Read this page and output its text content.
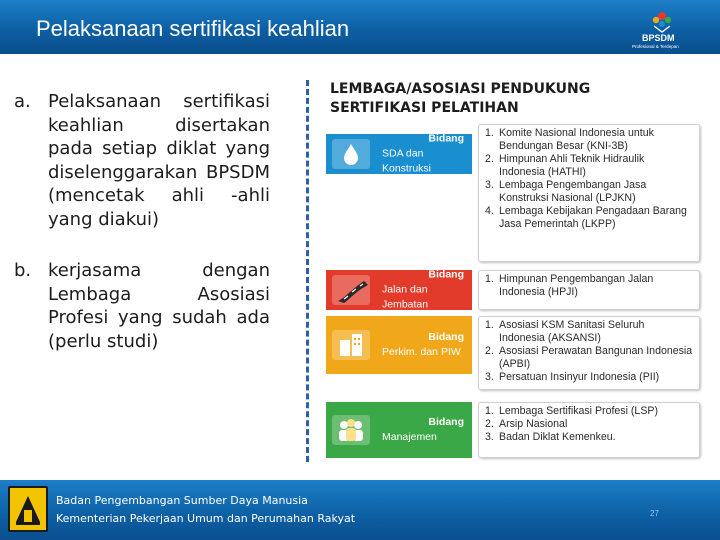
Pelaksanaan sertifikasi keahlian	BPSDM
Profesional & Terdepan
a. Pelaksanaan sertifikasi keahlian disertakan pada setiap diklat yang diselenggarakan BPSDM (mencetak ahli -ahli yang diakui)
b. kerjasama dengan Lembaga Asosiasi Profesi yang sudah ada (perlu studi)
LEMBAGA/ASOSIASI PENDUKUNG SERTIFIKASI PELATIHAN
Bidang
SDA dan Konstruksi
1. Komite Nasional Indonesia untuk Bendungan Besar (KNI-3B)
2. Himpunan Ahli Teknik Hidraulik Indonesia (HATHI)
3. Lembaga Pengembangan Jasa Konstruksi Nasional (LPJKN)
4. Lembaga Kebijakan Pengadaan Barang Jasa Pemerintah (LKPP)
Bidang
Jalan dan Jembatan
1. Himpunan Pengembangan Jalan Indonesia (HPJI)
Bidang
Perkim. dan PIW
1. Asosiasi KSM Sanitasi Seluruh Indonesia (AKSANSI)
2. Asosiasi Perawatan Bangunan Indonesia (APBI)
3. Persatuan Insinyur Indonesia (PII)
Bidang
Manajemen
1. Lembaga Sertifikasi Profesi (LSP)
2. Arsip Nasional
3. Badan Diklat Kemenkeu.
Badan Pengembangan Sumber Daya Manusia
Kementerian Pekerjaan Umum dan Perumahan Rakyat	27
